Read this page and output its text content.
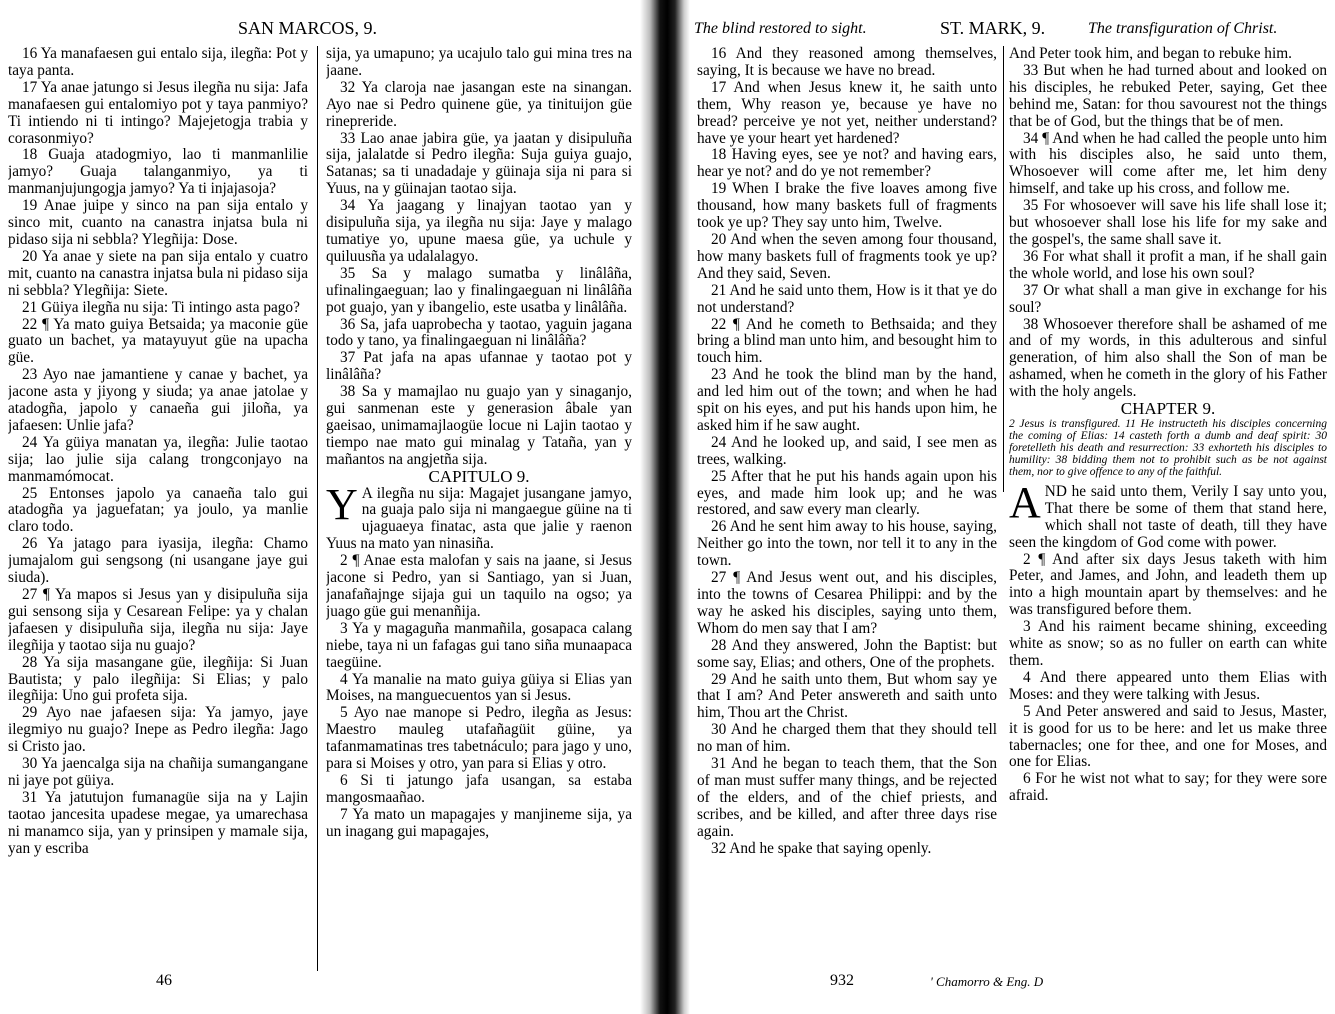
SAN MARCOS, 9.

16 Ya manafaesen gui entalo sija, ilegña: Pot y taya panta.

17 Ya anae jatungo si Jesus ilegña nu sija: Jafa manafaesen gui entalomiyo pot y taya panmiyo? Ti intiendo ni ti intingo? Majejetogja trabia y corasonmiyo?

18 Guaja atadogmiyo, lao ti manmanlilie jamyo? Guaja talanganmiyo, ya ti manmanjujungogja jamyo? Ya ti injajasoja?

19 Anae juipe y sinco na pan sija entalo y sinco mit, cuanto na canastra injatsa bula ni pidaso sija ni sebbla? Ylegñija: Dose.

20 Ya anae y siete na pan sija entalo y cuatro mit, cuanto na canastra injatsa bula ni pidaso sija ni sebbla? Ylegñija: Siete.

21 Güiya ilegña nu sija: Ti intingo asta pago?

22 ¶ Ya mato guiya Betsaida; ya maconie güe guato un bachet, ya matayuyut güe na upacha güe.

23 Ayo nae jamantiene y canae y bachet, ya jacone asta y jiyong y siuda; ya anae jatolae y atadogña, japolo y canaeña gui jiloña, ya jafaesen: Unlie jafa?

24 Ya güiya manatan ya, ilegña: Julie taotao sija; lao julie sija calang trongconjayo na manmamómocat.

25 Entonses japolo ya canaeña talo gui atadogña ya jaguefatan; ya joulo, ya manlie claro todo.

26 Ya jatago para iyasija, ilegña: Chamo jumajalom gui sengsong (ni usangane jaye gui siuda).

27 ¶ Ya mapos si Jesus yan y disipuluña sija gui sensong sija y Cesarean Felipe: ya y chalan jafaesen y disipuluña sija, ilegña nu sija: Jaye ilegñija y taotao sija nu guajo?

28 Ya sija masangane güe, ilegñija: Si Juan Bautista; y palo ilegñija: Si Elias; y palo ilegñija: Uno gui profeta sija.

29 Ayo nae jafaesen sija: Ya jamyo, jaye ilegmiyo nu guajo? Inepe as Pedro ilegña: Jago si Cristo jao.

30 Ya jaencalga sija na chañija sumangangane ni jaye pot güiya.

31 Ya jatutujon fumanagüe sija na y Lajin taotao jancesita upadese megae, ya umarechasa ni manamco sija, yan y prinsipen y mamale sija, yan y escriba

sija, ya umapuno; ya ucajulo talo gui mina tres na jaane.

32 Ya claroja nae jasangan este na sinangan. Ayo nae si Pedro quinene güe, ya tinituijon güe rinepreride.

33 Lao anae jabira güe, ya jaatan y disipuluña sija, jalalatde si Pedro ilegña: Suja guiya guajo, Satanas; sa ti unadadaje y güinaja sija ni para si Yuus, na y güinajan taotao sija.

34 Ya jaagang y linajyan taotao yan y disipuluña sija, ya ilegña nu sija: Jaye y malago tumatiye yo, upune maesa güe, ya uchule y quiluusña ya udalalagyo.

35 Sa y malago sumatba y linâlâña, ufinalingaeguan; lao y finalingaeguan ni linâlâña pot guajo, yan y ibangelio, este usatba y linâlâña.

36 Sa, jafa uaprobecha y taotao, yaguin jagana todo y tano, ya finalingaeguan ni linâlâña?

37 Pat jafa na apas ufannae y taotao pot y linâlâña?

38 Sa y mamajlao nu guajo yan y sinaganjo, gui sanmenan este y generasion âbale yan gaeisao, unimamajlaogüe locue ni Lajin taotao y tiempo nae mato gui minalag y Tataña, yan y mañantos na angjetña sija.

CAPITULO 9.

Y A ilegña nu sija: Magajet jusangane jamyo, na guaja palo sija ni mangaegue güine na ti ujaguaeya finatac, asta que jalie y raenon Yuus na mato yan ninasiña.

2 ¶ Anae esta malofan y sais na jaane, si Jesus jacone si Pedro, yan si Santiago, yan si Juan, janafañajnge sijaja gui un taquilo na ogso; ya juago güe gui menanñija.

3 Ya y magaguña manmañila, gosapaca calang niebe, taya ni un fafagas gui tano siña munaapaca taegüine.

4 Ya manalie na mato guiya güiya si Elias yan Moises, na manguecuentos yan si Jesus.

5 Ayo nae manope si Pedro, ilegña as Jesus: Maestro mauleg utafañagüit güine, ya tafanmamatinas tres tabetnáculo; para jago y uno, para si Moises y otro, yan para si Elias y otro.

6 Si ti jatungo jafa usangan, sa estaba mangosmaañao.

7 Ya mato un mapagajes y manjineme sija, ya un inagang gui mapagajes,

46
The blind restored to sight.	ST. MARK, 9.	The transfiguration of Christ.

16 And they reasoned among themselves, saying, It is because we have no bread.

17 And when Jesus knew it, he saith unto them, Why reason ye, because ye have no bread? perceive ye not yet, neither understand? have ye your heart yet hardened?

18 Having eyes, see ye not? and having ears, hear ye not? and do ye not remember?

19 When I brake the five loaves among five thousand, how many baskets full of fragments took ye up? They say unto him, Twelve.

20 And when the seven among four thousand, how many baskets full of fragments took ye up? And they said, Seven.

21 And he said unto them, How is it that ye do not understand?

22 ¶ And he cometh to Bethsaida; and they bring a blind man unto him, and besought him to touch him.

23 And he took the blind man by the hand, and led him out of the town; and when he had spit on his eyes, and put his hands upon him, he asked him if he saw aught.

24 And he looked up, and said, I see men as trees, walking.

25 After that he put his hands again upon his eyes, and made him look up; and he was restored, and saw every man clearly.

26 And he sent him away to his house, saying, Neither go into the town, nor tell it to any in the town.

27 ¶ And Jesus went out, and his disciples, into the towns of Cesarea Philippi: and by the way he asked his disciples, saying unto them, Whom do men say that I am?

28 And they answered, John the Baptist: but some say, Elias; and others, One of the prophets.

29 And he saith unto them, But whom say ye that I am? And Peter answereth and saith unto him, Thou art the Christ.

30 And he charged them that they should tell no man of him.

31 And he began to teach them, that the Son of man must suffer many things, and be rejected of the elders, and of the chief priests, and scribes, and be killed, and after three days rise again.

32 And he spake that saying openly.

And Peter took him, and began to rebuke him.

33 But when he had turned about and looked on his disciples, he rebuked Peter, saying, Get thee behind me, Satan: for thou savourest not the things that be of God, but the things that be of men.

34 ¶ And when he had called the people unto him with his disciples also, he said unto them, Whosoever will come after me, let him deny himself, and take up his cross, and follow me.

35 For whosoever will save his life shall lose it; but whosoever shall lose his life for my sake and the gospel's, the same shall save it.

36 For what shall it profit a man, if he shall gain the whole world, and lose his own soul?

37 Or what shall a man give in exchange for his soul?

38 Whosoever therefore shall be ashamed of me and of my words, in this adulterous and sinful generation, of him also shall the Son of man be ashamed, when he cometh in the glory of his Father with the holy angels.

CHAPTER 9.

2 Jesus is transfigured. 11 He instructeth his disciples concerning the coming of Elias: 14 casteth forth a dumb and deaf spirit: 30 foretelleth his death and resurrection: 33 exhorteth his disciples to humility: 38 bidding them not to prohibit such as be not against them, nor to give offence to any of the faithful.

A ND he said unto them, Verily I say unto you, That there be some of them that stand here, which shall not taste of death, till they have seen the kingdom of God come with power.

2 ¶ And after six days Jesus taketh with him Peter, and James, and John, and leadeth them up into a high mountain apart by themselves: and he was transfigured before them.

3 And his raiment became shining, exceeding white as snow; so as no fuller on earth can white them.

4 And there appeared unto them Elias with Moses: and they were talking with Jesus.

5 And Peter answered and said to Jesus, Master, it is good for us to be here: and let us make three tabernacles; one for thee, and one for Moses, and one for Elias.

6 For he wist not what to say; for they were sore afraid.

932	' Chamorro & Eng. D
